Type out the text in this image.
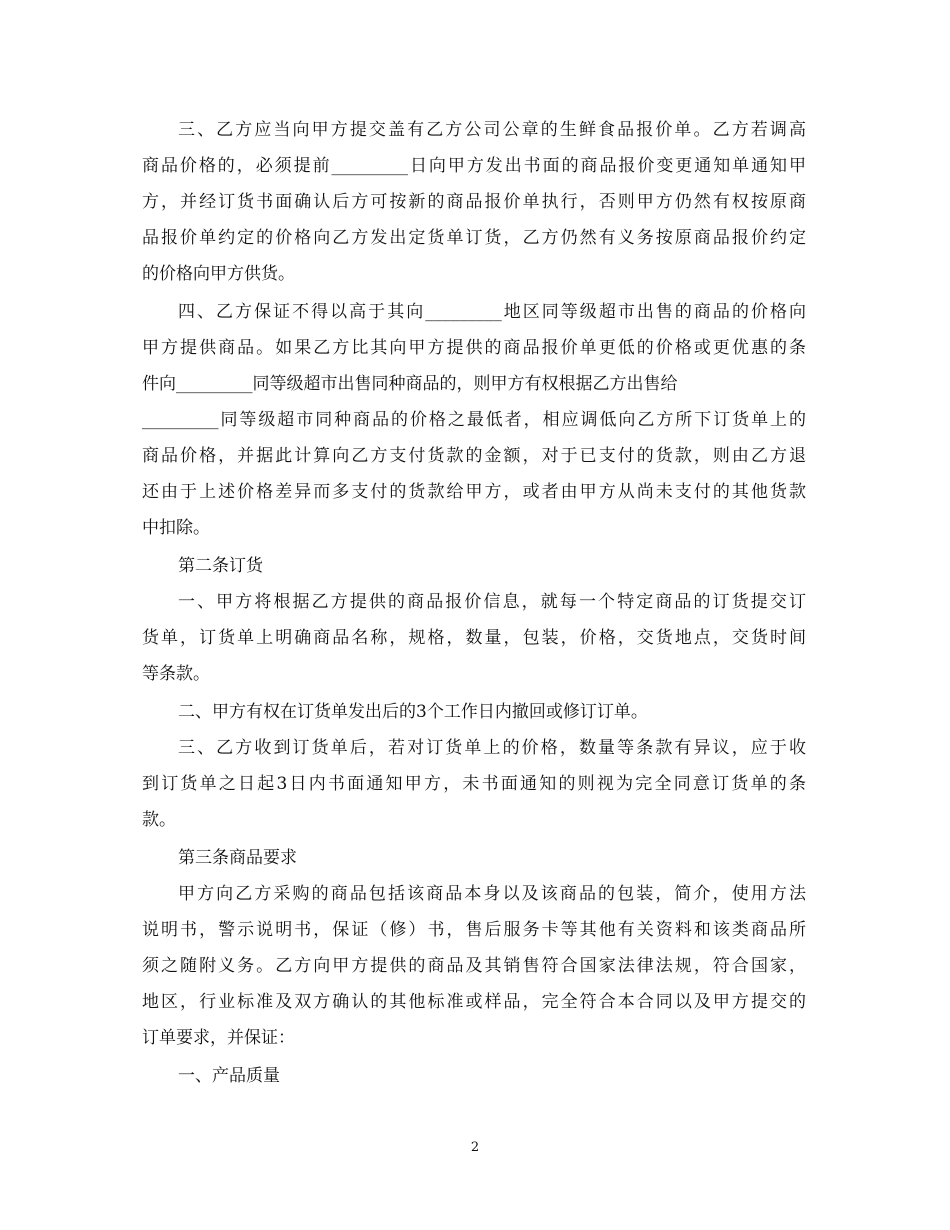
三、乙方应当向甲方提交盖有乙方公司公章的生鲜食品报价单。乙方若调高
商品价格的，必须提前_________日向甲方发出书面的商品报价变更通知单通知甲
方，并经订货书面确认后方可按新的商品报价单执行，否则甲方仍然有权按原商
品报价单约定的价格向乙方发出定货单订货，乙方仍然有义务按原商品报价约定
的价格向甲方供货。
四、乙方保证不得以高于其向_________地区同等级超市出售的商品的价格向
甲方提供商品。如果乙方比其向甲方提供的商品报价单更低的价格或更优惠的条
件向_________同等级超市出售同种商品的，则甲方有权根据乙方出售给
_________同等级超市同种商品的价格之最低者，相应调低向乙方所下订货单上的
商品价格，并据此计算向乙方支付货款的金额，对于已支付的货款，则由乙方退
还由于上述价格差异而多支付的货款给甲方，或者由甲方从尚未支付的其他货款
中扣除。
第二条订货
一、甲方将根据乙方提供的商品报价信息，就每一个特定商品的订货提交订
货单，订货单上明确商品名称，规格，数量，包装，价格，交货地点，交货时间
等条款。
二、甲方有权在订货单发出后的3个工作日内撤回或修订订单。
三、乙方收到订货单后，若对订货单上的价格，数量等条款有异议，应于收
到订货单之日起3日内书面通知甲方，未书面通知的则视为完全同意订货单的条
款。
第三条商品要求
甲方向乙方采购的商品包括该商品本身以及该商品的包装，简介，使用方法
说明书，警示说明书，保证（修）书，售后服务卡等其他有关资料和该类商品所
须之随附义务。乙方向甲方提供的商品及其销售符合国家法律法规，符合国家，
地区，行业标准及双方确认的其他标准或样品，完全符合本合同以及甲方提交的
订单要求，并保证：
一、产品质量
2
